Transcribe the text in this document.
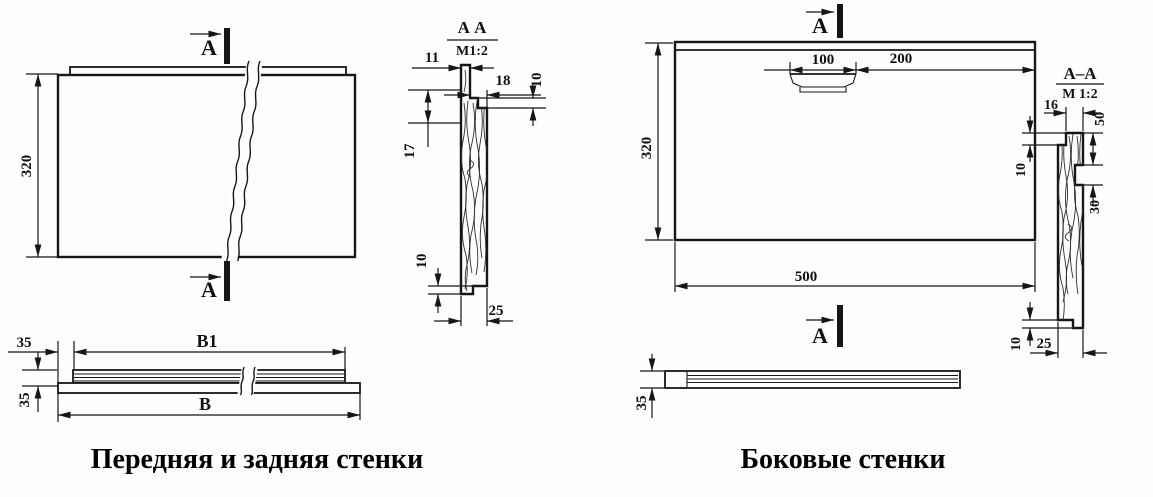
320
А
А
35	В1
35	В
Передняя и задняя стенки
А А
М1:2
11
18 10
17
10
25
100	200
320
500
А
А
35
Боковые стенки
А–А
М 1:2
16
50
10
30
10 25
